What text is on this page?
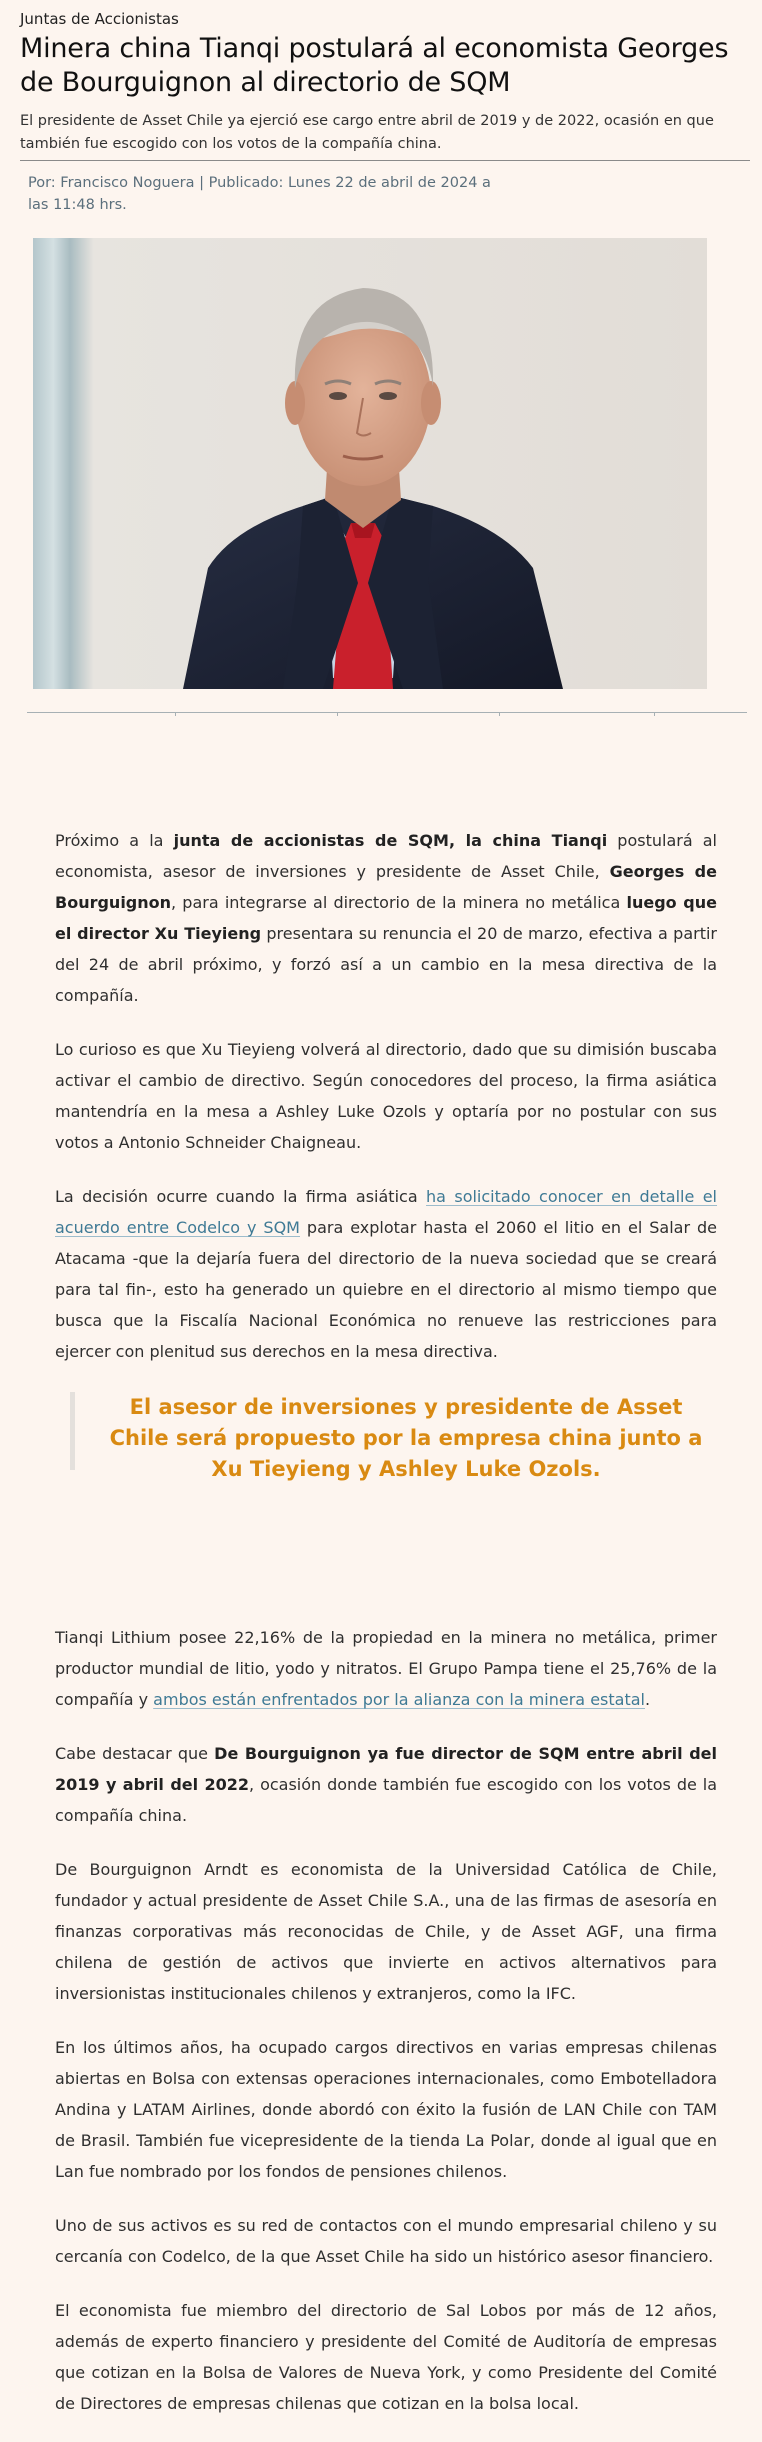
Juntas de Accionistas

Minera china Tianqi postulará al economista Georges de Bourguignon al directorio de SQM

El presidente de Asset Chile ya ejerció ese cargo entre abril de 2019 y de 2022, ocasión en que también fue escogido con los votos de la compañía china.

Por: Francisco Noguera | Publicado: Lunes 22 de abril de 2024 a las 11:48 hrs.

Próximo a la junta de accionistas de SQM, la china Tianqi postulará al economista, asesor de inversiones y presidente de Asset Chile, Georges de Bourguignon, para integrarse al directorio de la minera no metálica luego que el director Xu Tieyieng presentara su renuncia el 20 de marzo, efectiva a partir del 24 de abril próximo, y forzó así a un cambio en la mesa directiva de la compañía.

Lo curioso es que Xu Tieyieng volverá al directorio, dado que su dimisión buscaba activar el cambio de directivo. Según conocedores del proceso, la firma asiática mantendría en la mesa a Ashley Luke Ozols y optaría por no postular con sus votos a Antonio Schneider Chaigneau.

La decisión ocurre cuando la firma asiática ha solicitado conocer en detalle el acuerdo entre Codelco y SQM para explotar hasta el 2060 el litio en el Salar de Atacama -que la dejaría fuera del directorio de la nueva sociedad que se creará para tal fin-, esto ha generado un quiebre en el directorio al mismo tiempo que busca que la Fiscalía Nacional Económica no renueve las restricciones para ejercer con plenitud sus derechos en la mesa directiva.

El asesor de inversiones y presidente de Asset Chile será propuesto por la empresa china junto a Xu Tieyieng y Ashley Luke Ozols.

Tianqi Lithium posee 22,16% de la propiedad en la minera no metálica, primer productor mundial de litio, yodo y nitratos. El Grupo Pampa tiene el 25,76% de la compañía y ambos están enfrentados por la alianza con la minera estatal.

Cabe destacar que De Bourguignon ya fue director de SQM entre abril del 2019 y abril del 2022, ocasión donde también fue escogido con los votos de la compañía china.

De Bourguignon Arndt es economista de la Universidad Católica de Chile, fundador y actual presidente de Asset Chile S.A., una de las firmas de asesoría en finanzas corporativas más reconocidas de Chile, y de Asset AGF, una firma chilena de gestión de activos que invierte en activos alternativos para inversionistas institucionales chilenos y extranjeros, como la IFC.

En los últimos años, ha ocupado cargos directivos en varias empresas chilenas abiertas en Bolsa con extensas operaciones internacionales, como Embotelladora Andina y LATAM Airlines, donde abordó con éxito la fusión de LAN Chile con TAM de Brasil. También fue vicepresidente de la tienda La Polar, donde al igual que en Lan fue nombrado por los fondos de pensiones chilenos.

Uno de sus activos es su red de contactos con el mundo empresarial chileno y su cercanía con Codelco, de la que Asset Chile ha sido un histórico asesor financiero.

El economista fue miembro del directorio de Sal Lobos por más de 12 años, además de experto financiero y presidente del Comité de Auditoría de empresas que cotizan en la Bolsa de Valores de Nueva York, y como Presidente del Comité de Directores de empresas chilenas que cotizan en la bolsa local.
